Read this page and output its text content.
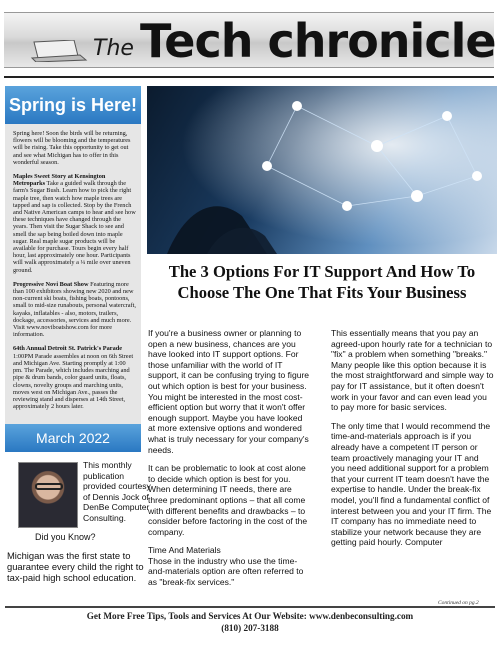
The Tech chronicle
Spring is Here!

Spring here! Soon the birds will be returning, flowers will be blooming and the temperatures will be rising. Take this opportunity to get out and see what Michigan has to offer in this wonderful season.

Maples Sweet Story at Kensington Metroparks Take a guided walk through the farm's Sugar Bush. Learn how to pick the right maple tree, then watch how maple trees are tapped and sap is collected. Stop by the French and Native American camps to hear and see how these techniques have changed through the years. Then visit the Sugar Shack to see and smell the sap being boiled down into maple sugar. Real maple sugar products will be available for purchase. Tours begin every half hour, last approximately one hour. Participants will walk approximately a ¼ mile over uneven ground.

Progressive Novi Boat Show Featuring more than 100 exhibitors showing new 2020 and new non-current ski boats, fishing boats, pontoons, small to mid-size runabouts, personal watercraft, kayaks, inflatables - also, motors, trailers, dockage, accessories, services and much more. Visit www.noviboatshow.com for more information.

64th Annual Detroit St. Patrick's Parade 1:00PM Parade assembles at noon on 6th Street and Michigan Ave. Starting promptly at 1:00 pm. The Parade, which includes marching and pipe & drum bands, color guard units, floats, clowns, novelty groups and marching units, moves west on Michigan Ave., passes the reviewing stand and disperses at 14th Street, approximately 2 hours later.

March 2022
This monthly publication provided courtesy of Dennis Jock of DenBe Computer Consulting.
Did you Know?
Michigan was the first state to guarantee every child the right to tax-paid high school education.
The 3 Options For IT Support And How To Choose The One That Fits Your Business

If you're a business owner or planning to open a new business, chances are you have looked into IT support options. For those unfamiliar with the world of IT support, it can be confusing trying to figure out which option is best for your business. You might be interested in the most cost-efficient option but worry that it won't offer enough support. Maybe you have looked at more extensive options and wondered what is truly necessary for your company's needs.

It can be problematic to look at cost alone to decide which option is best for you. When determining IT needs, there are three predominant options – that all come with different benefits and drawbacks – to consider before factoring in the cost of the company.

Time And Materials

Those in the industry who use the time-and-materials option are often referred to as "break-fix services."

This essentially means that you pay an agreed-upon hourly rate for a technician to "fix" a problem when something "breaks." Many people like this option because it is the most straightforward and simple way to pay for IT assistance, but it often doesn't work in your favor and can even lead you to pay more for basic services.

The only time that I would recommend the time-and-materials approach is if you already have a competent IT person or team proactively managing your IT and you need additional support for a problem that your current IT team doesn't have the expertise to handle. Under the break-fix model, you'll find a fundamental conflict of interest between you and your IT firm. The IT company has no immediate need to stabilize your network because they are getting paid hourly. Computer

Continued on pg.2
Get More Free Tips, Tools and Services At Our Website: www.denbeconsulting.com
(810) 207-3188
